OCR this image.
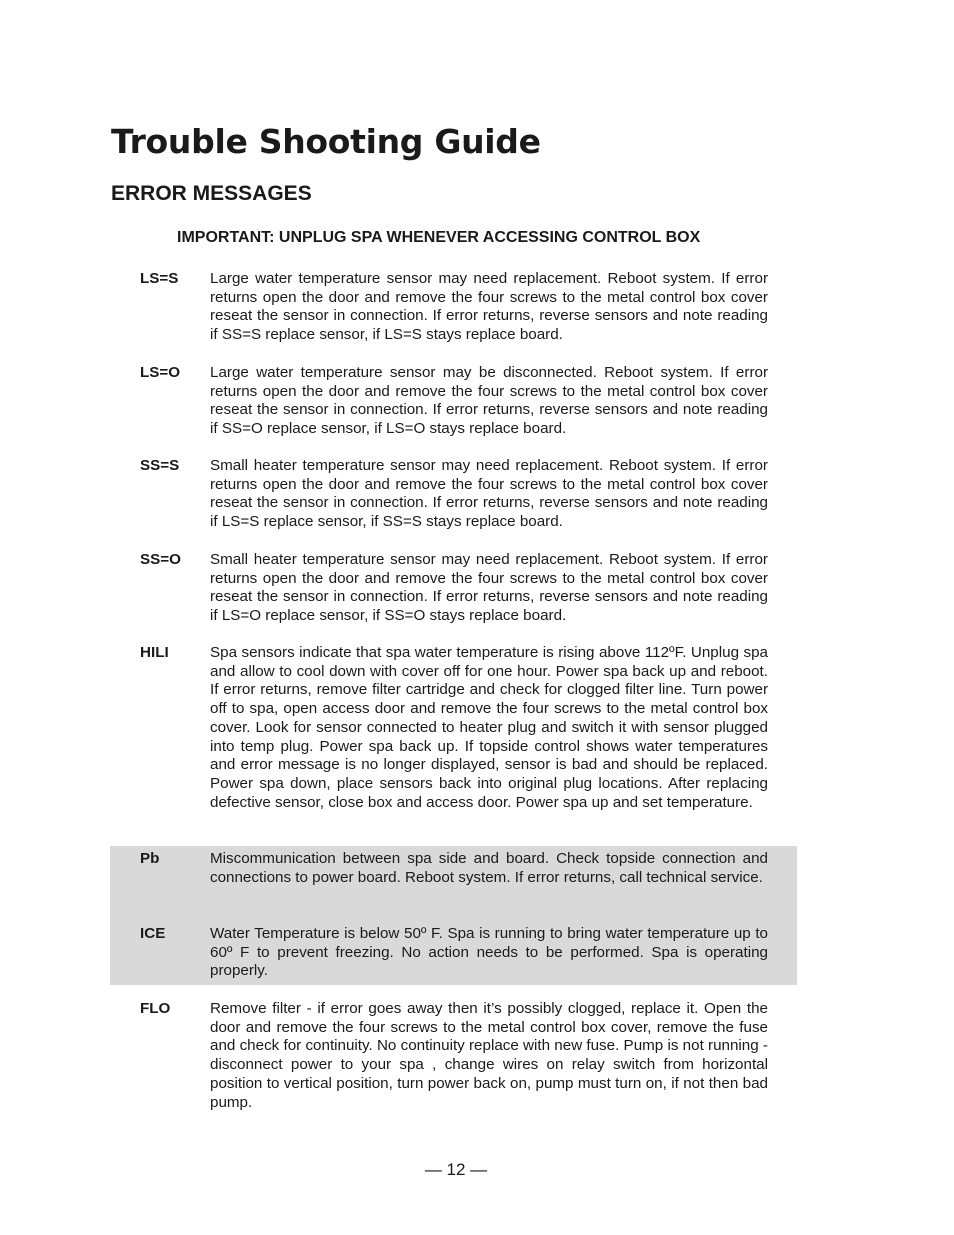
Trouble Shooting Guide
ERROR MESSAGES

IMPORTANT: UNPLUG SPA WHENEVER ACCESSING CONTROL BOX

LS=S	Large water temperature sensor may need replacement. Reboot system. If error returns open the door and remove the four screws to the metal control box cover reseat the sensor in connection. If error returns, reverse sensors and note reading if SS=S replace sensor, if LS=S stays replace board.

LS=O	Large water temperature sensor may be disconnected. Reboot system. If error returns open the door and remove the four screws to the metal control box cover reseat the sensor in connection. If error returns, reverse sensors and note reading if SS=O replace sensor, if LS=O stays replace board.

SS=S	Small heater temperature sensor may need replacement. Reboot system. If error returns open the door and remove the four screws to the metal control box cover reseat the sensor in connection. If error returns, reverse sensors and note reading if LS=S replace sensor, if SS=S stays replace board.

SS=O	Small heater temperature sensor may need replacement. Reboot system. If error returns open the door and remove the four screws to the metal control box cover reseat the sensor in connection. If error returns, reverse sensors and note reading if LS=O replace sensor, if SS=O stays replace board.

HILI	Spa sensors indicate that spa water temperature is rising above 112ºF. Unplug spa and allow to cool down with cover off for one hour. Power spa back up and reboot. If error returns, remove filter cartridge and check for clogged filter line. Turn power off to spa, open access door and remove the four screws to the metal control box cover. Look for sensor connected to heater plug and switch it with sensor plugged into temp plug. Power spa back up. If topside control shows water temperatures and error message is no longer displayed, sensor is bad and should be replaced. Power spa down, place sensors back into original plug locations. After replacing defective sensor, close box and access door. Power spa up and set temperature.

Pb	Miscommunication between spa side and board. Check topside connection and connections to power board. Reboot system. If error returns, call technical service.

ICE	Water Temperature is below 50º F. Spa is running to bring water temperature up to 60º F to prevent freezing. No action needs to be performed. Spa is operating properly.

FLO	Remove filter - if error goes away then it’s possibly clogged, replace it. Open the door and remove the four screws to the metal control box cover, remove the fuse and check for continuity. No continuity replace with new fuse. Pump is not running - disconnect power to your spa , change wires on relay switch from horizontal position to vertical position, turn power back on, pump must turn on, if not then bad pump.

— 12 —
